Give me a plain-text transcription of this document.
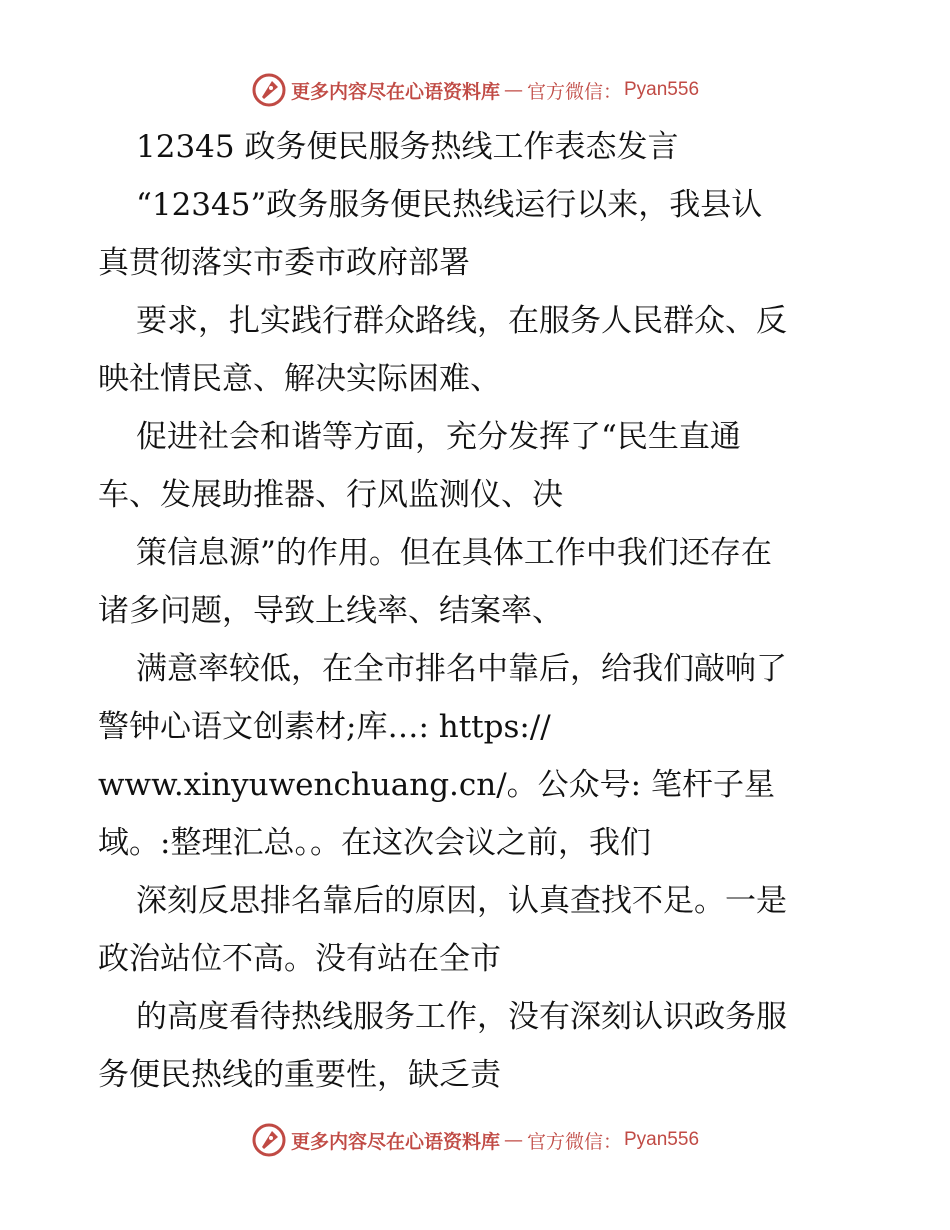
更多内容尽在心语资料库 — 官方微信： Pyan556
12345 政务便民服务热线工作表态发言
“12345”政务服务便民热线运行以来，我县认
真贯彻落实市委市政府部署
要求，扎实践行群众路线，在服务人民群众、反
映社情民意、解决实际困难、
促进社会和谐等方面，充分发挥了“民生直通
车、发展助推器、行风监测仪、决
策信息源”的作用。但在具体工作中我们还存在
诸多问题，导致上线率、结案率、
满意率较低，在全市排名中靠后，给我们敲响了
警钟心语文创素材;库…: https://
www.xinyuwenchuang.cn/。公众号: 笔杆子星
域。:整理汇总。。在这次会议之前，我们
深刻反思排名靠后的原因，认真查找不足。一是
政治站位不高。没有站在全市
的高度看待热线服务工作，没有深刻认识政务服
务便民热线的重要性，缺乏责
更多内容尽在心语资料库 — 官方微信： Pyan556
